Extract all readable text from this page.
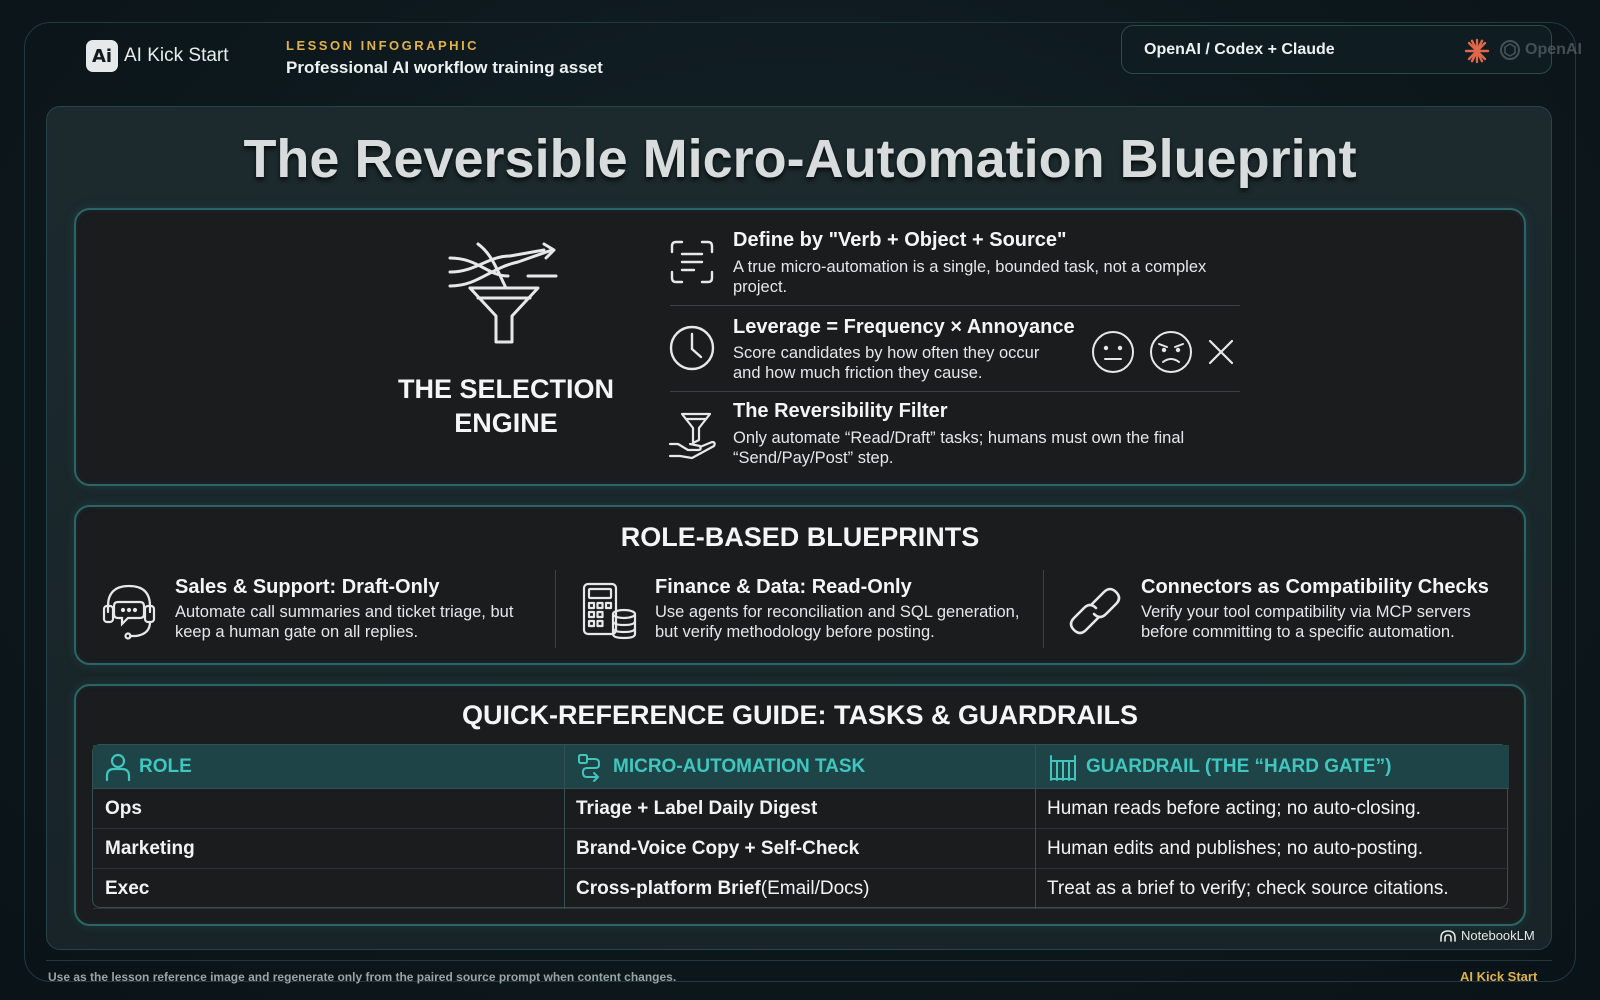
Ai AI Kick Start	LESSON INFOGRAPHIC
Professional AI workflow training asset
OpenAI / Codex + Claude	OpenAI
The Reversible Micro-Automation Blueprint
THE SELECTION
ENGINE
Define by "Verb + Object + Source"
A true micro-automation is a single, bounded task, not a complex project.
Leverage = Frequency × Annoyance
Score candidates by how often they occur and how much friction they cause.
The Reversibility Filter
Only automate “Read/Draft” tasks; humans must own the final “Send/Pay/Post” step.
ROLE-BASED BLUEPRINTS
Sales & Support: Draft-Only
Automate call summaries and ticket triage, but keep a human gate on all replies.
Finance & Data: Read-Only
Use agents for reconciliation and SQL generation, but verify methodology before posting.
Connectors as Compatibility Checks
Verify your tool compatibility via MCP servers before committing to a specific automation.
QUICK-REFERENCE GUIDE: TASKS & GUARDRAILS
ROLE	MICRO-AUTOMATION TASK	GUARDRAIL (THE “HARD GATE”)
Ops	Triage + Label Daily Digest	Human reads before acting; no auto-closing.
Marketing	Brand-Voice Copy + Self-Check	Human edits and publishes; no auto-posting.
Exec	Cross-platform Brief (Email/Docs)	Treat as a brief to verify; check source citations.
NotebookLM
Use as the lesson reference image and regenerate only from the paired source prompt when content changes.	AI Kick Start
